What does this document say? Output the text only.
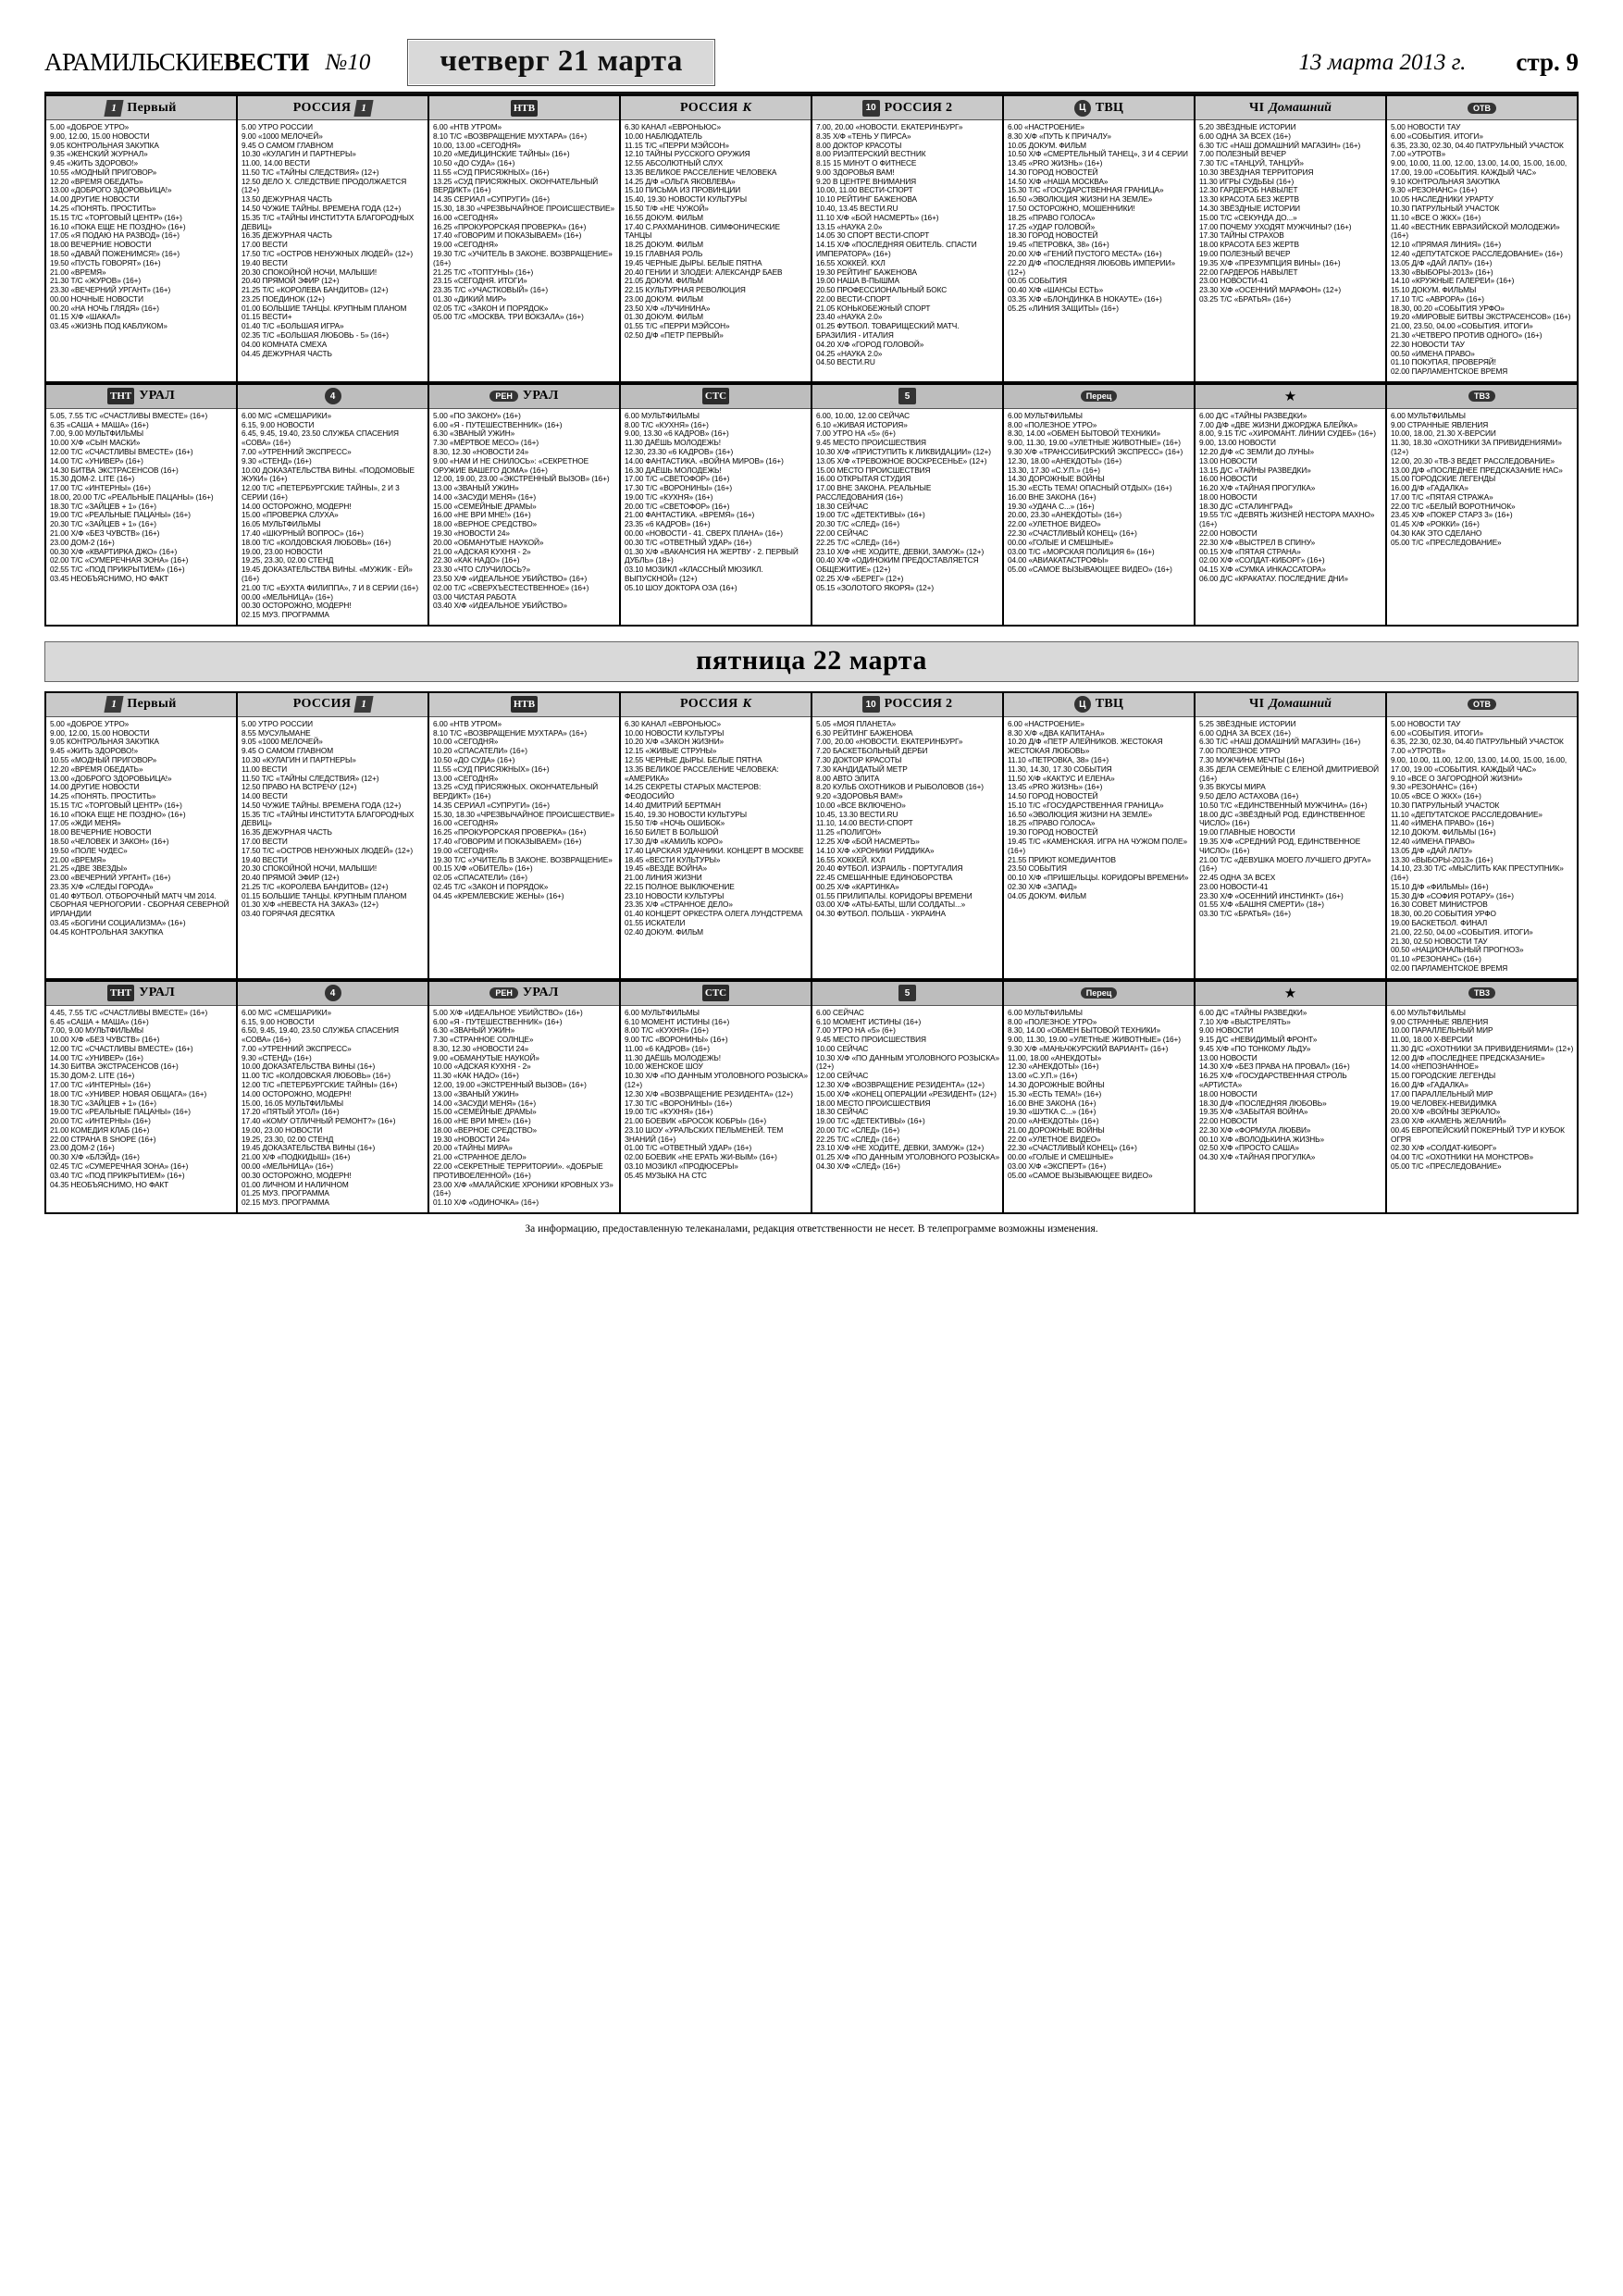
АРАМИЛЬСКИЕВЕСТИ №10	четверг 21 марта	13 марта 2013 г. стр. 9
1 Первый
5.00 «ДОБРОЕ УТРО»
9.00, 12.00, 15.00 НОВОСТИ
9.05 КОНТРОЛЬНАЯ ЗАКУПКА
9.35 «ЖЕНСКИЙ ЖУРНАЛ»
9.45 «ЖИТЬ ЗДОРОВО!»
10.55 «МОДНЫЙ ПРИГОВОР»
12.20 «ВРЕМЯ ОБЕДАТЬ»
13.00 «ДОБРОГО ЗДОРОВЬИЦА!»
14.00 ДРУГИЕ НОВОСТИ
14.25 «ПОНЯТЬ. ПРОСТИТЬ»
15.15 Т/С «ТОРГОВЫЙ ЦЕНТР» (16+)
16.10 «ПОКА ЕЩЕ НЕ ПОЗДНО» (16+)
17.05 «Я ПОДАЮ НА РАЗВОД» (16+)
18.00 ВЕЧЕРНИЕ НОВОСТИ
18.50 «ДАВАЙ ПОЖЕНИМСЯ!» (16+)
19.50 «ПУСТЬ ГОВОРЯТ» (16+)
21.00 «ВРЕМЯ»
21.30 Т/С «ЖУРОВ» (16+)
23.30 «ВЕЧЕРНИЙ УРГАНТ» (16+)
00.00 НОЧНЫЕ НОВОСТИ
00.20 «НА НОЧЬ ГЛЯДЯ» (16+)
01.15 Х/Ф «ШАКАЛ»
03.45 «ЖИЗНЬ ПОД КАБЛУКОМ»
РОССИЯ 1
5.00 УТРО РОССИИ
9.00 «1000 МЕЛОЧЕЙ»
9.45 О САМОМ ГЛАВНОМ
10.30 «КУЛАГИН И ПАРТНЕРЫ»
11.00, 14.00 ВЕСТИ
11.50 Т/С «ТАЙНЫ СЛЕДСТВИЯ» (12+)
12.50 ДЕЛО Х. СЛЕДСТВИЕ ПРОДОЛЖАЕТСЯ (12+)
13.50 ДЕЖУРНАЯ ЧАСТЬ
14.50 ЧУЖИЕ ТАЙНЫ. ВРЕМЕНА ГОДА (12+)
15.35 Т/С «ТАЙНЫ ИНСТИТУТА БЛАГОРОДНЫХ ДЕВИЦ»
16.35 ДЕЖУРНАЯ ЧАСТЬ
17.00 ВЕСТИ
17.50 Т/С «ОСТРОВ НЕНУЖНЫХ ЛЮДЕЙ» (12+)
19.40 ВЕСТИ
20.30 СПОКОЙНОЙ НОЧИ, МАЛЫШИ!
20.40 ПРЯМОЙ ЭФИР (12+)
21.25 Т/С «КОРОЛЕВА БАНДИТОВ» (12+)
23.25 ПОЕДИНОК (12+)
01.00 БОЛЬШИЕ ТАНЦЫ. КРУПНЫМ ПЛАНОМ
01.15 ВЕСТИ+
01.40 Т/С «БОЛЬШАЯ ИГРА»
02.35 Т/С «БОЛЬШАЯ ЛЮБОВЬ - 5» (16+)
04.00 КОМНАТА СМЕХА
04.45 ДЕЖУРНАЯ ЧАСТЬ
НТВ
6.00 «НТВ УТРОМ»
8.10 Т/С «ВОЗВРАЩЕНИЕ МУХТАРА» (16+)
10.00, 13.00 «СЕГОДНЯ»
10.20 «МЕДИЦИНСКИЕ ТАЙНЫ» (16+)
10.50 «ДО СУДА» (16+)
11.55 «СУД ПРИСЯЖНЫХ» (16+)
13.25 «СУД ПРИСЯЖНЫХ. ОКОНЧАТЕЛЬНЫЙ ВЕРДИКТ» (16+)
14.35 СЕРИАЛ «СУПРУГИ» (16+)
15.30, 18.30 «ЧРЕЗВЫЧАЙНОЕ ПРОИСШЕСТВИЕ»
16.00 «СЕГОДНЯ»
16.25 «ПРОКУРОРСКАЯ ПРОВЕРКА» (16+)
17.40 «ГОВОРИМ И ПОКАЗЫВАЕМ» (16+)
19.00 «СЕГОДНЯ»
19.30 Т/С «УЧИТЕЛЬ В ЗАКОНЕ. ВОЗВРАЩЕНИЕ» (16+)
21.25 Т/С «ТОПТУНЫ» (16+)
23.15 «СЕГОДНЯ. ИТОГИ»
23.35 Т/С «УЧАСТКОВЫЙ» (16+)
01.30 «ДИКИЙ МИР»
02.05 Т/С «ЗАКОН И ПОРЯДОК»
05.00 Т/С «МОСКВА. ТРИ ВОКЗАЛА» (16+)
РОССИЯ К
6.30 КАНАЛ «ЕВРОНЬЮС»
10.00 НАБЛЮДАТЕЛЬ
11.15 Т/С «ПЕРРИ МЭЙСОН»
12.10 ТАЙНЫ РУССКОГО ОРУЖИЯ
12.55 АБСОЛЮТНЫЙ СЛУХ
13.35 ВЕЛИКОЕ РАССЕЛЕНИЕ ЧЕЛОВЕКА
14.25 Д/Ф «ОЛЬГА ЯКОВЛЕВА»
15.10 ПИСЬМА ИЗ ПРОВИНЦИИ
15.40, 19.30 НОВОСТИ КУЛЬТУРЫ
15.50 Т/Ф «НЕ ЧУЖОЙ»
16.55 ДОКУМ. ФИЛЬМ
17.40 С.РАХМАНИНОВ. СИМФОНИЧЕСКИЕ ТАНЦЫ
18.25 ДОКУМ. ФИЛЬМ
19.15 ГЛАВНАЯ РОЛЬ
19.45 ЧЕРНЫЕ ДЫРЫ. БЕЛЫЕ ПЯТНА
20.40 ГЕНИИ И ЗЛОДЕИ: АЛЕКСАНДР БАЕВ
21.05 ДОКУМ. ФИЛЬМ
22.15 КУЛЬТУРНАЯ РЕВОЛЮЦИЯ
23.00 ДОКУМ. ФИЛЬМ
23.50 Х/Ф «ЛУЧИНИНА»
01.30 ДОКУМ. ФИЛЬМ
01.55 Т/С «ПЕРРИ МЭЙСОН»
02.50 Д/Ф «ПЕТР ПЕРВЫЙ»
10 РОССИЯ 2
7.00, 20.00 «НОВОСТИ. ЕКАТЕРИНБУРГ»
8.35 Х/Ф «ТЕНЬ У ПИРСА»
8.00 ДОКТОР КРАСОТЫ
8.00 РИЭЛТЕРСКИЙ ВЕСТНИК
8.15 15 МИНУТ О ФИТНЕСЕ
9.00 ЗДОРОВЬЯ ВАМ!
9.20 В ЦЕНТРЕ ВНИМАНИЯ
10.00, 11.00 ВЕСТИ-СПОРТ
10.10 РЕЙТИНГ БАЖЕНОВА
10.40, 13.45 ВЕСТИ.RU
11.10 Х/Ф «БОЙ НАСМЕРТЬ» (16+)
13.15 «НАУКА 2.0»
14.05 30 СПОРТ ВЕСТИ-СПОРТ
14.15 Х/Ф «ПОСЛЕДНЯЯ ОБИТЕЛЬ. СПАСТИ ИМПЕРАТОРА» (16+)
16.55 ХОККЕЙ. КХЛ
19.30 РЕЙТИНГ БАЖЕНОВА
19.00 НАША В-ПЫШМА
20.50 ПРОФЕССИОНАЛЬНЫЙ БОКС
22.00 ВЕСТИ-СПОРТ
21.05 КОНЬКОБЕЖНЫЙ СПОРТ
23.40 «НАУКА 2.0»
01.25 ФУТБОЛ. ТОВАРИЩЕСКИЙ МАТЧ. БРАЗИЛИЯ - ИТАЛИЯ
04.20 Х/Ф «ГОРОД ГОЛОВОЙ»
04.25 «НАУКА 2.0»
04.50 ВЕСТИ.RU
Ц ТВЦ
6.00 «НАСТРОЕНИЕ»
8.30 Х/Ф «ПУТЬ К ПРИЧАЛУ»
10.05 ДОКУМ. ФИЛЬМ
10.50 Х/Ф «СМЕРТЕЛЬНЫЙ ТАНЕЦ», 3 И 4 СЕРИИ
13.45 «PRO ЖИЗНЬ» (16+)
14.30 ГОРОД НОВОСТЕЙ
14.50 Х/Ф «НАША МОСКВА»
15.30 Т/С «ГОСУДАРСТВЕННАЯ ГРАНИЦА»
16.50 «ЭВОЛЮЦИЯ ЖИЗНИ НА ЗЕМЛЕ»
17.50 ОСТОРОЖНО, МОШЕННИКИ!
18.25 «ПРАВО ГОЛОСА»
17.25 «УДАР ГОЛОВОЙ»
18.30 ГОРОД НОВОСТЕЙ
19.45 «ПЕТРОВКА, 38» (16+)
20.00 Х/Ф «ГЕНИЙ ПУСТОГО МЕСТА» (16+)
22.20 Д/Ф «ПОСЛЕДНЯЯ ЛЮБОВЬ ИМПЕРИИ» (12+)
00.05 СОБЫТИЯ
00.40 Х/Ф «ШАНСЫ ЕСТЬ»
03.35 Х/Ф «БЛОНДИНКА В НОКАУТЕ» (16+)
05.25 «ЛИНИЯ ЗАЩИТЫ» (16+)
ЧI Домашний
5.20 ЗВЁЗДНЫЕ ИСТОРИИ
6.00 ОДНА ЗА ВСЕХ (16+)
6.30 Т/С «НАШ ДОМАШНИЙ МАГАЗИН» (16+)
7.00 ПОЛЕЗНЫЙ ВЕЧЕР
7.30 Т/С «ТАНЦУЙ, ТАНЦУЙ»
10.30 ЗВЁЗДНАЯ ТЕРРИТОРИЯ
11.30 ИГРЫ СУДЬБЫ (16+)
12.30 ГАРДЕРОБ НАВЫЛЕТ
13.30 КРАСОТА БЕЗ ЖЕРТВ
14.30 ЗВЁЗДНЫЕ ИСТОРИИ
15.00 Т/С «СЕКУНДА ДО...»
17.00 ПОЧЕМУ УХОДЯТ МУЖЧИНЫ? (16+)
17.30 ТАЙНЫ СТРАХОВ
18.00 КРАСОТА БЕЗ ЖЕРТВ
19.00 ПОЛЕЗНЫЙ ВЕЧЕР
19.35 Х/Ф «ПРЕЗУМПЦИЯ ВИНЫ» (16+)
22.00 ГАРДЕРОБ НАВЫЛЕТ
23.00 НОВОСТИ-41
23.30 Х/Ф «ОСЕННИЙ МАРАФОН» (12+)
03.25 Т/С «БРАТЬЯ» (16+)
ОТВ
5.00 НОВОСТИ ТАУ
6.00 «СОБЫТИЯ. ИТОГИ»
6.35, 23.30, 02.30, 04.40 ПАТРУЛЬНЫЙ УЧАСТОК
7.00 «УТРОТВ»
9.00, 10.00, 11.00, 12.00, 13.00, 14.00, 15.00, 16.00, 17.00, 19.00 «СОБЫТИЯ. КАЖДЫЙ ЧАС»
9.10 КОНТРОЛЬНАЯ ЗАКУПКА
9.30 «РЕЗОНАНС» (16+)
10.05 НАСЛЕДНИКИ УРАРТУ
10.30 ПАТРУЛЬНЫЙ УЧАСТОК
11.10 «ВСЕ О ЖКХ» (16+)
11.40 «ВЕСТНИК ЕВРАЗИЙСКОЙ МОЛОДЕЖИ» (16+)
12.10 «ПРЯМАЯ ЛИНИЯ» (16+)
12.40 «ДЕПУТАТСКОЕ РАССЛЕДОВАНИЕ» (16+)
13.05 Д/Ф «ДАЙ ЛАПУ» (16+)
13.30 «ВЫБОРЫ-2013» (16+)
14.10 «КРУЖНЫЕ ГАЛЕРЕИ» (16+)
15.10 ДОКУМ. ФИЛЬМЫ
17.10 Т/С «АВРОРА» (16+)
18.30, 00.20 «СОБЫТИЯ УРФО»
19.20 «МИРОВЫЕ БИТВЫ ЭКСТРАСЕНСОВ» (16+)
21.00, 23.50, 04.00 «СОБЫТИЯ. ИТОГИ»
21.30 «ЧЕТВЕРО ПРОТИВ ОДНОГО» (16+)
22.30 НОВОСТИ ТАУ
00.50 «ИМЕНА ПРАВО»
01.10 ПОКУПАЯ, ПРОВЕРЯЙ!
02.00 ПАРЛАМЕНТСКОЕ ВРЕМЯ
ТНТ УРАЛ
5.05, 7.55 Т/С «СЧАСТЛИВЫ ВМЕСТЕ» (16+)
6.35 «САША + МАША» (16+)
7.00, 9.00 МУЛЬТФИЛЬМЫ
10.00 Х/Ф «СЫН МАСКИ»
12.00 Т/С «СЧАСТЛИВЫ ВМЕСТЕ» (16+)
14.00 Т/С «УНИВЕР» (16+)
14.30 БИТВА ЭКСТРАСЕНСОВ (16+)
15.30 ДОМ-2. LITE (16+)
17.00 Т/С «ИНТЕРНЫ» (16+)
18.00, 20.00 Т/С «РЕАЛЬНЫЕ ПАЦАНЫ» (16+)
18.30 Т/С «ЗАЙЦЕВ + 1» (16+)
19.00 Т/С «РЕАЛЬНЫЕ ПАЦАНЫ» (16+)
20.30 Т/С «ЗАЙЦЕВ + 1» (16+)
21.00 Х/Ф «БЕЗ ЧУВСТВ» (16+)
23.00 ДОМ-2 (16+)
00.30 Х/Ф «КВАРТИРКА ДЖО» (16+)
02.00 Т/С «СУМЕРЕЧНАЯ ЗОНА» (16+)
02.55 Т/С «ПОД ПРИКРЫТИЕМ» (16+)
03.45 НЕОБЪЯСНИМО, НО ФАКТ
4
6.00 М/С «СМЕШАРИКИ»
6.15, 9.00 НОВОСТИ
6.45, 9.45, 19.40, 23.50 СЛУЖБА СПАСЕНИЯ «СОВА» (16+)
7.00 «УТРЕННИЙ ЭКСПРЕСС»
9.30 «СТЕНД» (16+)
10.00 ДОКАЗАТЕЛЬСТВА ВИНЫ. «ПОДОМОВЫЕ ЖУКИ» (16+)
12.00 Т/С «ПЕТЕРБУРГСКИЕ ТАЙНЫ», 2 И 3 СЕРИИ (16+)
14.00 ОСТОРОЖНО, МОДЕРН!
15.00 «ПРОВЕРКА СЛУХА»
16.05 МУЛЬТФИЛЬМЫ
17.40 «ШКУРНЫЙ ВОПРОС» (16+)
18.00 Т/С «КОЛДОВСКАЯ ЛЮБОВЬ» (16+)
19.00, 23.00 НОВОСТИ
19.25, 23.30, 02.00 СТЕНД
19.45 ДОКАЗАТЕЛЬСТВА ВИНЫ. «МУЖИК - ЕЙ» (16+)
21.00 Т/С «БУХТА ФИЛИППА», 7 И 8 СЕРИИ (16+)
00.00 «МЕЛЬНИЦА» (16+)
00.30 ОСТОРОЖНО, МОДЕРН!
02.15 МУЗ. ПРОГРАММА
РЕН УРАЛ
5.00 «ПО ЗАКОНУ» (16+)
6.00 «Я - ПУТЕШЕСТВЕННИК» (16+)
6.30 «ЗВАНЫЙ УЖИН»
7.30 «МЁРТВОЕ МЕСО» (16+)
8.30, 12.30 «НОВОСТИ 24»
9.00 «НАМ И НЕ СНИЛОСЬ»: «СЕКРЕТНОЕ ОРУЖИЕ ВАШЕГО ДОМА» (16+)
12.00, 19.00, 23.00 «ЭКСТРЕННЫЙ ВЫЗОВ» (16+)
13.00 «ЗВАНЫЙ УЖИН»
14.00 «ЗАСУДИ МЕНЯ» (16+)
15.00 «СЕМЕЙНЫЕ ДРАМЫ»
16.00 «НЕ ВРИ МНЕ!» (16+)
18.00 «ВЕРНОЕ СРЕДСТВО»
19.30 «НОВОСТИ 24»
20.00 «ОБМАНУТЫЕ НАУКОЙ»
21.00 «АДСКАЯ КУХНЯ - 2»
22.30 «КАК НАДО» (16+)
23.30 «ЧТО СЛУЧИЛОСЬ?»
23.50 Х/Ф «ИДЕАЛЬНОЕ УБИЙСТВО» (16+)
02.00 Т/С «СВЕРХЪЕСТЕСТВЕННОЕ» (16+)
03.00 ЧИСТАЯ РАБОТА
03.40 Х/Ф «ИДЕАЛЬНОЕ УБИЙСТВО»
СТС
6.00 МУЛЬТФИЛЬМЫ
8.00 Т/С «КУХНЯ» (16+)
9.00, 13.30 «6 КАДРОВ» (16+)
11.30 ДАЁШЬ МОЛОДЕЖЬ!
12.30, 23.30 «6 КАДРОВ» (16+)
14.00 ФАНТАСТИКА. «ВОЙНА МИРОВ» (16+)
16.30 ДАЁШЬ МОЛОДЕЖЬ!
17.00 Т/С «СВЕТОФОР» (16+)
17.30 Т/С «ВОРОНИНЫ» (16+)
19.00 Т/С «КУХНЯ» (16+)
20.00 Т/С «СВЕТОФОР» (16+)
21.00 ФАНТАСТИКА. «ВРЕМЯ» (16+)
23.35 «6 КАДРОВ» (16+)
00.00 «НОВОСТИ - 41. СВЕРХ ПЛАНА» (16+)
00.30 Т/С «ОТВЕТНЫЙ УДАР» (16+)
01.30 Х/Ф «ВАКАНСИЯ НА ЖЕРТВУ - 2. ПЕРВЫЙ ДУБЛЬ» (18+)
03.10 МОЗИКЛ «КЛАССНЫЙ МЮЗИКЛ. ВЫПУСКНОЙ» (12+)
05.10 ШОУ ДОКТОРА ОЗА (16+)
5
6.00, 10.00, 12.00 СЕЙЧАС
6.10 «ЖИВАЯ ИСТОРИЯ»
7.00 УТРО НА «5» (6+)
9.45 МЕСТО ПРОИСШЕСТВИЯ
10.30 Х/Ф «ПРИСТУПИТЬ К ЛИКВИДАЦИИ» (12+)
13.05 Х/Ф «ТРЕВОЖНОЕ ВОСКРЕСЕНЬЕ» (12+)
15.00 МЕСТО ПРОИСШЕСТВИЯ
16.00 ОТКРЫТАЯ СТУДИЯ
17.00 ВНЕ ЗАКОНА. РЕАЛЬНЫЕ РАССЛЕДОВАНИЯ (16+)
18.30 СЕЙЧАС
19.00 Т/С «ДЕТЕКТИВЫ» (16+)
20.30 Т/С «СЛЕД» (16+)
22.00 СЕЙЧАС
22.25 Т/С «СЛЕД» (16+)
23.10 Х/Ф «НЕ ХОДИТЕ, ДЕВКИ, ЗАМУЖ» (12+)
00.40 Х/Ф «ОДИНОКИМ ПРЕДОСТАВЛЯЕТСЯ ОБЩЕЖИТИЕ» (12+)
02.25 Х/Ф «БЕРЕГ» (12+)
05.15 «ЗОЛОТОГО ЯКОРЯ» (12+)
Перец
6.00 МУЛЬТФИЛЬМЫ
8.00 «ПОЛЕЗНОЕ УТРО»
8.30, 14.00 «ОБМЕН БЫТОВОЙ ТЕХНИКИ»
9.00, 11.30, 19.00 «УЛЕТНЫЕ ЖИВОТНЫЕ» (16+)
9.30 Х/Ф «ТРАНССИБИРСКИЙ ЭКСПРЕСС» (16+)
12.30, 18.00 «АНЕКДОТЫ» (16+)
13.30, 17.30 «С.У.П.» (16+)
14.30 ДОРОЖНЫЕ ВОЙНЫ
15.30 «ЕСТЬ ТЕМА! ОПАСНЫЙ ОТДЫХ» (16+)
16.00 ВНЕ ЗАКОНА (16+)
19.30 «УДАЧА С...» (16+)
20.00, 23.30 «АНЕКДОТЫ» (16+)
22.00 «УЛЕТНОЕ ВИДЕО»
22.30 «СЧАСТЛИВЫЙ КОНЕЦ» (16+)
00.00 «ГОЛЫЕ И СМЕШНЫЕ»
03.00 Т/С «МОРСКАЯ ПОЛИЦИЯ 6» (16+)
04.00 «АВИАКАТАСТРОФЫ»
05.00 «САМОЕ ВЫЗЫВАЮЩЕЕ ВИДЕО» (16+)
★
6.00 Д/С «ТАЙНЫ РАЗВЕДКИ»
7.00 Д/Ф «ДВЕ ЖИЗНИ ДЖОРДЖА БЛЕЙКА»
8.00, 9.15 Т/С «ХИРОМАНТ. ЛИНИИ СУДЕБ» (16+)
9.00, 13.00 НОВОСТИ
12.20 Д/Ф «С ЗЕМЛИ ДО ЛУНЫ»
13.00 НОВОСТИ
13.15 Д/С «ТАЙНЫ РАЗВЕДКИ»
16.00 НОВОСТИ
16.20 Х/Ф «ТАЙНАЯ ПРОГУЛКА»
18.00 НОВОСТИ
18.30 Д/С «СТАЛИНГРАД»
19.55 Т/С «ДЕВЯТЬ ЖИЗНЕЙ НЕСТОРА МАХНО» (16+)
22.00 НОВОСТИ
22.30 Х/Ф «ВЫСТРЕЛ В СПИНУ»
00.15 Х/Ф «ПЯТАЯ СТРАНА»
02.00 Х/Ф «СОЛДАТ-КИБОРГ» (16+)
04.15 Х/Ф «СУМКА ИНКАССАТОРА»
06.00 Д/С «КРАКАТАУ. ПОСЛЕДНИЕ ДНИ»
ТВ3
6.00 МУЛЬТФИЛЬМЫ
9.00 СТРАННЫЕ ЯВЛЕНИЯ
10.00, 18.00, 21.30 Х-ВЕРСИИ
11.30, 18.30 «ОХОТНИКИ ЗА ПРИВИДЕНИЯМИ» (12+)
12.00, 20.30 «ТВ-3 ВЕДЕТ РАССЛЕДОВАНИЕ»
13.00 Д/Ф «ПОСЛЕДНЕЕ ПРЕДСКАЗАНИЕ НАС»
15.00 ГОРОДСКИЕ ЛЕГЕНДЫ
16.00 Д/Ф «ГАДАЛКА»
17.00 Т/С «ПЯТАЯ СТРАЖА»
22.00 Т/С «БЕЛЫЙ ВОРОТНИЧОК»
23.45 Х/Ф «ПОКЕР СТАРЗ 3» (16+)
01.45 Х/Ф «РОККИ» (16+)
04.30 КАК ЭТО СДЕЛАНО
05.00 Т/С «ПРЕСЛЕДОВАНИЕ»
пятница 22 марта
1 Первый
5.00 «ДОБРОЕ УТРО»
9.00, 12.00, 15.00 НОВОСТИ
9.05 КОНТРОЛЬНАЯ ЗАКУПКА
9.45 «ЖИТЬ ЗДОРОВО!»
10.55 «МОДНЫЙ ПРИГОВОР»
12.20 «ВРЕМЯ ОБЕДАТЬ»
13.00 «ДОБРОГО ЗДОРОВЬИЦА!»
14.00 ДРУГИЕ НОВОСТИ
14.25 «ПОНЯТЬ. ПРОСТИТЬ»
15.15 Т/С «ТОРГОВЫЙ ЦЕНТР» (16+)
16.10 «ПОКА ЕЩЕ НЕ ПОЗДНО» (16+)
17.05 «ЖДИ МЕНЯ»
18.00 ВЕЧЕРНИЕ НОВОСТИ
18.50 «ЧЕЛОВЕК И ЗАКОН» (16+)
19.50 «ПОЛЕ ЧУДЕС»
21.00 «ВРЕМЯ»
21.25 «ДВЕ ЗВЕЗДЫ»
23.00 «ВЕЧЕРНИЙ УРГАНТ» (16+)
23.35 Х/Ф «СЛЕДЫ ГОРОДА»
01.40 ФУТБОЛ. ОТБОРОЧНЫЙ МАТЧ ЧМ 2014. СБОРНАЯ ЧЕРНОГОРИИ - СБОРНАЯ СЕВЕРНОЙ ИРЛАНДИИ
03.45 «БОГИНИ СОЦИАЛИЗМА» (16+)
04.45 КОНТРОЛЬНАЯ ЗАКУПКА
РОССИЯ 1
5.00 УТРО РОССИИ
8.55 МУСУЛЬМАНЕ
9.05 «1000 МЕЛОЧЕЙ»
9.45 О САМОМ ГЛАВНОМ
10.30 «КУЛАГИН И ПАРТНЕРЫ»
11.00 ВЕСТИ
11.50 Т/С «ТАЙНЫ СЛЕДСТВИЯ» (12+)
12.50 ПРАВО НА ВСТРЕЧУ (12+)
14.00 ВЕСТИ
14.50 ЧУЖИЕ ТАЙНЫ. ВРЕМЕНА ГОДА (12+)
15.35 Т/С «ТАЙНЫ ИНСТИТУТА БЛАГОРОДНЫХ ДЕВИЦ»
16.35 ДЕЖУРНАЯ ЧАСТЬ
17.00 ВЕСТИ
17.50 Т/С «ОСТРОВ НЕНУЖНЫХ ЛЮДЕЙ» (12+)
19.40 ВЕСТИ
20.30 СПОКОЙНОЙ НОЧИ, МАЛЫШИ!
20.40 ПРЯМОЙ ЭФИР (12+)
21.25 Т/С «КОРОЛЕВА БАНДИТОВ» (12+)
01.15 БОЛЬШИЕ ТАНЦЫ. КРУПНЫМ ПЛАНОМ
01.30 Х/Ф «НЕВЕСТА НА ЗАКАЗ» (12+)
03.40 ГОРЯЧАЯ ДЕСЯТКА
НТВ
6.00 «НТВ УТРОМ»
8.10 Т/С «ВОЗВРАЩЕНИЕ МУХТАРА» (16+)
10.00 «СЕГОДНЯ»
10.20 «СПАСАТЕЛИ» (16+)
10.50 «ДО СУДА» (16+)
11.55 «СУД ПРИСЯЖНЫХ» (16+)
13.00 «СЕГОДНЯ»
13.25 «СУД ПРИСЯЖНЫХ. ОКОНЧАТЕЛЬНЫЙ ВЕРДИКТ» (16+)
14.35 СЕРИАЛ «СУПРУГИ» (16+)
15.30, 18.30 «ЧРЕЗВЫЧАЙНОЕ ПРОИСШЕСТВИЕ»
16.00 «СЕГОДНЯ»
16.25 «ПРОКУРОРСКАЯ ПРОВЕРКА» (16+)
17.40 «ГОВОРИМ И ПОКАЗЫВАЕМ» (16+)
19.00 «СЕГОДНЯ»
19.30 Т/С «УЧИТЕЛЬ В ЗАКОНЕ. ВОЗВРАЩЕНИЕ»
00.15 Х/Ф «ОБИТЕЛЬ» (16+)
02.05 «СПАСАТЕЛИ» (16+)
02.45 Т/С «ЗАКОН И ПОРЯДОК»
04.45 «КРЕМЛЕВСКИЕ ЖЕНЫ» (16+)
РОССИЯ К
6.30 КАНАЛ «ЕВРОНЬЮС»
10.00 НОВОСТИ КУЛЬТУРЫ
10.20 Х/Ф «ЗАКОН ЖИЗНИ»
12.15 «ЖИВЫЕ СТРУНЫ»
12.55 ЧЕРНЫЕ ДЫРЫ. БЕЛЫЕ ПЯТНА
13.35 ВЕЛИКОЕ РАССЕЛЕНИЕ ЧЕЛОВЕКА: «АМЕРИКА»
14.25 СЕКРЕТЫ СТАРЫХ МАСТЕРОВ: ФЕОДОСИЙО
14.40 ДМИТРИЙ БЕРТМАН
15.40, 19.30 НОВОСТИ КУЛЬТУРЫ
15.50 Т/Ф «НОЧЬ ОШИБОК»
16.50 БИЛЕТ В БОЛЬШОЙ
17.30 Д/Ф «КАМИЛЬ КОРО»
17.40 ЦАРСКАЯ УДАЧНИКИ. КОНЦЕРТ В МОСКВЕ
18.45 «ВЕСТИ КУЛЬТУРЫ»
19.45 «ВЕЗДЕ ВОЙНА»
21.00 ЛИНИЯ ЖИЗНИ
22.15 ПОЛНОЕ ВЫКЛЮЧЕНИЕ
23.10 НОВОСТИ КУЛЬТУРЫ
23.35 Х/Ф «СТРАННОЕ ДЕЛО»
01.40 КОНЦЕРТ ОРКЕСТРА ОЛЕГА ЛУНДСТРЕМА
01.55 ИСКАТЕЛИ
02.40 ДОКУМ. ФИЛЬМ
10 РОССИЯ 2
5.05 «МОЯ ПЛАНЕТА»
6.30 РЕЙТИНГ БАЖЕНОВА
7.00, 20.00 «НОВОСТИ. ЕКАТЕРИНБУРГ»
7.20 БАСКЕТБОЛЬНЫЙ ДЕРБИ
7.30 ДОКТОР КРАСОТЫ
7.30 КАНДИДАТЫЙ МЕТР
8.00 АВТО ЭЛИТА
8.20 КУЛЬБ ОХОТНИКОВ И РЫБОЛОВОВ (16+)
9.20 «ЗДОРОВЬЯ ВАМ!»
10.00 «ВСЕ ВКЛЮЧЕНО»
10.45, 13.30 ВЕСТИ.RU
11.10, 14.00 ВЕСТИ-СПОРТ
11.25 «ПОЛИГОН»
12.25 Х/Ф «БОЙ НАСМЕРТЬ»
14.10 Х/Ф «ХРОНИКИ РИДДИКА»
16.55 ХОККЕЙ. КХЛ
20.40 ФУТБОЛ. ИЗРАИЛЬ - ПОРТУГАЛИЯ
22.45 СМЕШАННЫЕ ЕДИНОБОРСТВА
00.25 Х/Ф «КАРТИНКА»
01.55 ПРИЛИПАЛЫ. КОРИДОРЫ ВРЕМЕНИ
03.00 Х/Ф «АТЫ-БАТЫ, ШЛИ СОЛДАТЫ...»
04.30 ФУТБОЛ. ПОЛЬША - УКРАИНА
Ц ТВЦ
6.00 «НАСТРОЕНИЕ»
8.30 Х/Ф «ДВА КАПИТАНА»
10.20 Д/Ф «ПЕТР АЛЕЙНИКОВ. ЖЕСТОКАЯ ЖЕСТОКАЯ ЛЮБОВЬ»
11.10 «ПЕТРОВКА, 38» (16+)
11.30, 14.30, 17.30 СОБЫТИЯ
11.50 Х/Ф «КАКТУС И ЕЛЕНА»
13.45 «PRO ЖИЗНЬ» (16+)
14.50 ГОРОД НОВОСТЕЙ
15.10 Т/С «ГОСУДАРСТВЕННАЯ ГРАНИЦА»
16.50 «ЭВОЛЮЦИЯ ЖИЗНИ НА ЗЕМЛЕ»
18.25 «ПРАВО ГОЛОСА»
19.30 ГОРОД НОВОСТЕЙ
19.45 Т/С «КАМЕНСКАЯ. ИГРА НА ЧУЖОМ ПОЛЕ» (16+)
21.55 ПРИЮТ КОМЕДИАНТОВ
23.50 СОБЫТИЯ
00.10 Х/Ф «ПРИШЕЛЬЦЫ. КОРИДОРЫ ВРЕМЕНИ»
02.30 Х/Ф «ЗАПАД»
04.05 ДОКУМ. ФИЛЬМ
ЧI Домашний
5.25 ЗВЁЗДНЫЕ ИСТОРИИ
6.00 ОДНА ЗА ВСЕХ (16+)
6.30 Т/С «НАШ ДОМАШНИЙ МАГАЗИН» (16+)
7.00 ПОЛЕЗНОЕ УТРО
7.30 МУЖЧИНА МЕЧТЫ (16+)
8.35 ДЕЛА СЕМЕЙНЫЕ С ЕЛЕНОЙ ДМИТРИЕВОЙ (16+)
9.35 ВКУСЫ МИРА
9.50 ДЕЛО АСТАХОВА (16+)
10.50 Т/С «ЕДИНСТВЕННЫЙ МУЖЧИНА» (16+)
18.00 Д/С «ЗВЁЗДНЫЙ РОД. ЕДИНСТВЕННОЕ ЧИСЛО» (16+)
19.00 ГЛАВНЫЕ НОВОСТИ
19.35 Х/Ф «СРЕДНИЙ РОД, ЕДИНСТВЕННОЕ ЧИСЛО» (16+)
21.00 Т/С «ДЕВУШКА МОЕГО ЛУЧШЕГО ДРУГА» (16+)
22.45 ОДНА ЗА ВСЕХ
23.00 НОВОСТИ-41
23.30 Х/Ф «ОСЕННИЙ ИНСТИНКТ» (16+)
01.55 Х/Ф «БАШНЯ СМЕРТИ» (18+)
03.30 Т/С «БРАТЬЯ» (16+)
ОТВ
5.00 НОВОСТИ ТАУ
6.00 «СОБЫТИЯ. ИТОГИ»
6.35, 22.30, 02.30, 04.40 ПАТРУЛЬНЫЙ УЧАСТОК
7.00 «УТРОТВ»
9.00, 10.00, 11.00, 12.00, 13.00, 14.00, 15.00, 16.00, 17.00, 19.00 «СОБЫТИЯ. КАЖДЫЙ ЧАС»
9.10 «ВСЕ О ЗАГОРОДНОЙ ЖИЗНИ»
9.30 «РЕЗОНАНС» (16+)
10.05 «ВСЕ О ЖКХ» (16+)
10.30 ПАТРУЛЬНЫЙ УЧАСТОК
11.10 «ДЕПУТАТСКОЕ РАССЛЕДОВАНИЕ»
11.40 «ИМЕНА ПРАВО» (16+)
12.10 ДОКУМ. ФИЛЬМЫ (16+)
12.40 «ИМЕНА ПРАВО»
13.05 Д/Ф «ДАЙ ЛАПУ»
13.30 «ВЫБОРЫ-2013» (16+)
14.10, 23.30 Т/С «МЫСЛИТЬ КАК ПРЕСТУПНИК» (16+)
15.10 Д/Ф «ФИЛЬМЫ» (16+)
15.30 Д/Ф «СОФИЯ РОТАРУ» (16+)
16.30 СОВЕТ МИНИСТРОВ
18.30, 00.20 СОБЫТИЯ УРФО
19.00 БАСКЕТБОЛ. ФИНАЛ
21.00, 22.50, 04.00 «СОБЫТИЯ. ИТОГИ»
21.30, 02.50 НОВОСТИ ТАУ
00.50 «НАЦИОНАЛЬНЫЙ ПРОГНОЗ»
01.10 «РЕЗОНАНС» (16+)
02.00 ПАРЛАМЕНТСКОЕ ВРЕМЯ
ТНТ УРАЛ
4.45, 7.55 Т/С «СЧАСТЛИВЫ ВМЕСТЕ» (16+)
6.45 «САША + МАША» (16+)
7.00, 9.00 МУЛЬТФИЛЬМЫ
10.00 Х/Ф «БЕЗ ЧУВСТВ» (16+)
12.00 Т/С «СЧАСТЛИВЫ ВМЕСТЕ» (16+)
14.00 Т/С «УНИВЕР» (16+)
14.30 БИТВА ЭКСТРАСЕНСОВ (16+)
15.30 ДОМ-2. LITE (16+)
17.00 Т/С «ИНТЕРНЫ» (16+)
18.00 Т/С «УНИВЕР. НОВАЯ ОБЩАГА» (16+)
18.30 Т/С «ЗАЙЦЕВ + 1» (16+)
19.00 Т/С «РЕАЛЬНЫЕ ПАЦАНЫ» (16+)
20.00 Т/С «ИНТЕРНЫ» (16+)
21.00 КОМЕДИЯ КЛАБ (16+)
22.00 СТРАНА В SHOPE (16+)
23.00 ДОМ-2 (16+)
00.30 Х/Ф «БЛЭЙД» (16+)
02.45 Т/С «СУМЕРЕЧНАЯ ЗОНА» (16+)
03.40 Т/С «ПОД ПРИКРЫТИЕМ» (16+)
04.35 НЕОБЪЯСНИМО, НО ФАКТ
4
6.00 М/С «СМЕШАРИКИ»
6.15, 9.00 НОВОСТИ
6.50, 9.45, 19.40, 23.50 СЛУЖБА СПАСЕНИЯ «СОВА» (16+)
7.00 «УТРЕННИЙ ЭКСПРЕСС»
9.30 «СТЕНД» (16+)
10.00 ДОКАЗАТЕЛЬСТВА ВИНЫ (16+)
11.00 Т/С «КОЛДОВСКАЯ ЛЮБОВЬ» (16+)
12.00 Т/С «ПЕТЕРБУРГСКИЕ ТАЙНЫ» (16+)
14.00 ОСТОРОЖНО, МОДЕРН!
15.00, 16.05 МУЛЬТФИЛЬМЫ
17.20 «ПЯТЫЙ УГОЛ» (16+)
17.40 «КОМУ ОТЛИЧНЫЙ РЕМОНТ?» (16+)
19.00, 23.00 НОВОСТИ
19.25, 23.30, 02.00 СТЕНД
19.45 ДОКАЗАТЕЛЬСТВА ВИНЫ (16+)
21.00 Х/Ф «ПОДКИДЫШ» (16+)
00.00 «МЕЛЬНИЦА» (16+)
00.30 ОСТОРОЖНО, МОДЕРН!
01.00 ЛИЧНОМ И НАЛИЧНОМ
01.25 МУЗ. ПРОГРАММА
02.15 МУЗ. ПРОГРАММА
РЕН УРАЛ
5.00 Х/Ф «ИДЕАЛЬНОЕ УБИЙСТВО» (16+)
6.00 «Я - ПУТЕШЕСТВЕННИК» (16+)
6.30 «ЗВАНЫЙ УЖИН»
7.30 «СТРАННОЕ СОЛНЦЕ»
8.30, 12.30 «НОВОСТИ 24»
9.00 «ОБМАНУТЫЕ НАУКОЙ»
10.00 «АДСКАЯ КУХНЯ - 2»
11.30 «КАК НАДО» (16+)
12.00, 19.00 «ЭКСТРЕННЫЙ ВЫЗОВ» (16+)
13.00 «ЗВАНЫЙ УЖИН»
14.00 «ЗАСУДИ МЕНЯ» (16+)
15.00 «СЕМЕЙНЫЕ ДРАМЫ»
16.00 «НЕ ВРИ МНЕ!» (16+)
18.00 «ВЕРНОЕ СРЕДСТВО»
19.30 «НОВОСТИ 24»
20.00 «ТАЙНЫ МИРА»
21.00 «СТРАННОЕ ДЕЛО»
22.00 «СЕКРЕТНЫЕ ТЕРРИТОРИИ». «ДОБРЫЕ ПРОТИВОЕЛЕННОЙ» (16+)
23.00 Х/Ф «МАЛАЙСКИЕ ХРОНИКИ КРОВНЫХ УЗ» (16+)
01.10 Х/Ф «ОДИНОЧКА» (16+)
СТС
6.00 МУЛЬТФИЛЬМЫ
6.10 МОМЕНТ ИСТИНЫ (16+)
8.00 Т/С «КУХНЯ» (16+)
9.00 Т/С «ВОРОНИНЫ» (16+)
11.00 «6 КАДРОВ» (16+)
11.30 ДАЁШЬ МОЛОДЕЖЬ!
10.00 ЖЕНСКОЕ ШОУ
10.30 Х/Ф «ПО ДАННЫМ УГОЛОВНОГО РОЗЫСКА» (12+)
12.30 Х/Ф «ВОЗВРАЩЕНИЕ РЕЗИДЕНТА» (12+)
17.30 Т/С «ВОРОНИНЫ» (16+)
19.00 Т/С «КУХНЯ» (16+)
21.00 БОЕВИК «БРОСОК КОБРЫ» (16+)
23.10 ШОУ «УРАЛЬСКИХ ПЕЛЬМЕНЕЙ. ТЕМ ЗНАНИЙ (16+)
01.00 Т/С «ОТВЕТНЫЙ УДАР» (16+)
02.00 БОЕВИК «НЕ ЕРАТЬ ЖИ-ВЫМ» (16+)
03.10 МОЗИКЛ «ПРОДЮСЕРЫ»
05.45 МУЗЫКА НА СТС
5
6.00 СЕЙЧАС
6.10 МОМЕНТ ИСТИНЫ (16+)
7.00 УТРО НА «5» (6+)
9.45 МЕСТО ПРОИСШЕСТВИЯ
10.00 СЕЙЧАС
10.30 Х/Ф «ПО ДАННЫМ УГОЛОВНОГО РОЗЫСКА» (12+)
12.00 СЕЙЧАС
12.30 Х/Ф «ВОЗВРАЩЕНИЕ РЕЗИДЕНТА» (12+)
15.00 Х/Ф «КОНЕЦ ОПЕРАЦИИ «РЕЗИДЕНТ» (12+)
18.00 МЕСТО ПРОИСШЕСТВИЯ
18.30 СЕЙЧАС
19.00 Т/С «ДЕТЕКТИВЫ» (16+)
20.00 Т/С «СЛЕД» (16+)
22.25 Т/С «СЛЕД» (16+)
23.10 Х/Ф «НЕ ХОДИТЕ, ДЕВКИ, ЗАМУЖ» (12+)
01.25 Х/Ф «ПО ДАННЫМ УГОЛОВНОГО РОЗЫСКА»
04.30 Х/Ф «СЛЕД» (16+)
Перец
6.00 МУЛЬТФИЛЬМЫ
8.00 «ПОЛЕЗНОЕ УТРО»
8.30, 14.00 «ОБМЕН БЫТОВОЙ ТЕХНИКИ»
9.00, 11.30, 19.00 «УЛЕТНЫЕ ЖИВОТНЫЕ» (16+)
9.30 Х/Ф «МАНЬЧЖУРСКИЙ ВАРИАНТ» (16+)
11.00, 18.00 «АНЕКДОТЫ»
12.30 «АНЕКДОТЫ» (16+)
13.00 «С.У.П.» (16+)
14.30 ДОРОЖНЫЕ ВОЙНЫ
15.30 «ЕСТЬ ТЕМА!» (16+)
16.00 ВНЕ ЗАКОНА (16+)
19.30 «ШУТКА С...» (16+)
20.00 «АНЕКДОТЫ» (16+)
21.00 ДОРОЖНЫЕ ВОЙНЫ
22.00 «УЛЕТНОЕ ВИДЕО»
22.30 «СЧАСТЛИВЫЙ КОНЕЦ» (16+)
00.00 «ГОЛЫЕ И СМЕШНЫЕ»
03.00 Х/Ф «ЭКСПЕРТ» (16+)
05.00 «САМОЕ ВЫЗЫВАЮЩЕЕ ВИДЕО»
★
6.00 Д/С «ТАЙНЫ РАЗВЕДКИ»
7.10 Х/Ф «ВЫСТРЕЛЯТЬ»
9.00 НОВОСТИ
9.15 Д/С «НЕВИДИМЫЙ ФРОНТ»
9.45 Х/Ф «ПО ТОНКОМУ ЛЬДУ»
13.00 НОВОСТИ
14.30 Х/Ф «БЕЗ ПРАВА НА ПРОВАЛ» (16+)
16.25 Х/Ф «ГОСУДАРСТВЕННАЯ СТРОЛЬ «АРТИСТА»
18.00 НОВОСТИ
18.30 Д/Ф «ПОСЛЕДНЯЯ ЛЮБОВЬ»
19.35 Х/Ф «ЗАБЫТАЯ ВОЙНА»
22.00 НОВОСТИ
22.30 Х/Ф «ФОРМУЛА ЛЮБВИ»
00.10 Х/Ф «ВОЛОДЬКИНА ЖИЗНЬ»
02.50 Х/Ф «ПРОСТО САША»
04.30 Х/Ф «ТАЙНАЯ ПРОГУЛКА»
ТВ3
6.00 МУЛЬТФИЛЬМЫ
9.00 СТРАННЫЕ ЯВЛЕНИЯ
10.00 ПАРАЛЛЕЛЬНЫЙ МИР
11.00, 18.00 Х-ВЕРСИИ
11.30 Д/С «ОХОТНИКИ ЗА ПРИВИДЕНИЯМИ» (12+)
12.00 Д/Ф «ПОСЛЕДНЕЕ ПРЕДСКАЗАНИЕ»
14.00 «НЕПОЗНАННОЕ»
15.00 ГОРОДСКИЕ ЛЕГЕНДЫ
16.00 Д/Ф «ГАДАЛКА»
17.00 ПАРАЛЛЕЛЬНЫЙ МИР
19.00 ЧЕЛОВЕК-НЕВИДИМКА
20.00 Х/Ф «ВОЙНЫ ЗЕРКАЛО»
23.00 Х/Ф «КАМЕНЬ ЖЕЛАНИЙ»
00.45 ЕВРОПЕЙСКИЙ ПОКЕРНЫЙ ТУР И КУБОК ОГРЯ
02.30 Х/Ф «СОЛДАТ-КИБОРГ»
04.00 Т/С «ОХОТНИКИ НА МОНСТРОВ»
05.00 Т/С «ПРЕСЛЕДОВАНИЕ»
За информацию, предоставленную телеканалами, редакция ответственности не несет. В телепрограмме возможны изменения.
